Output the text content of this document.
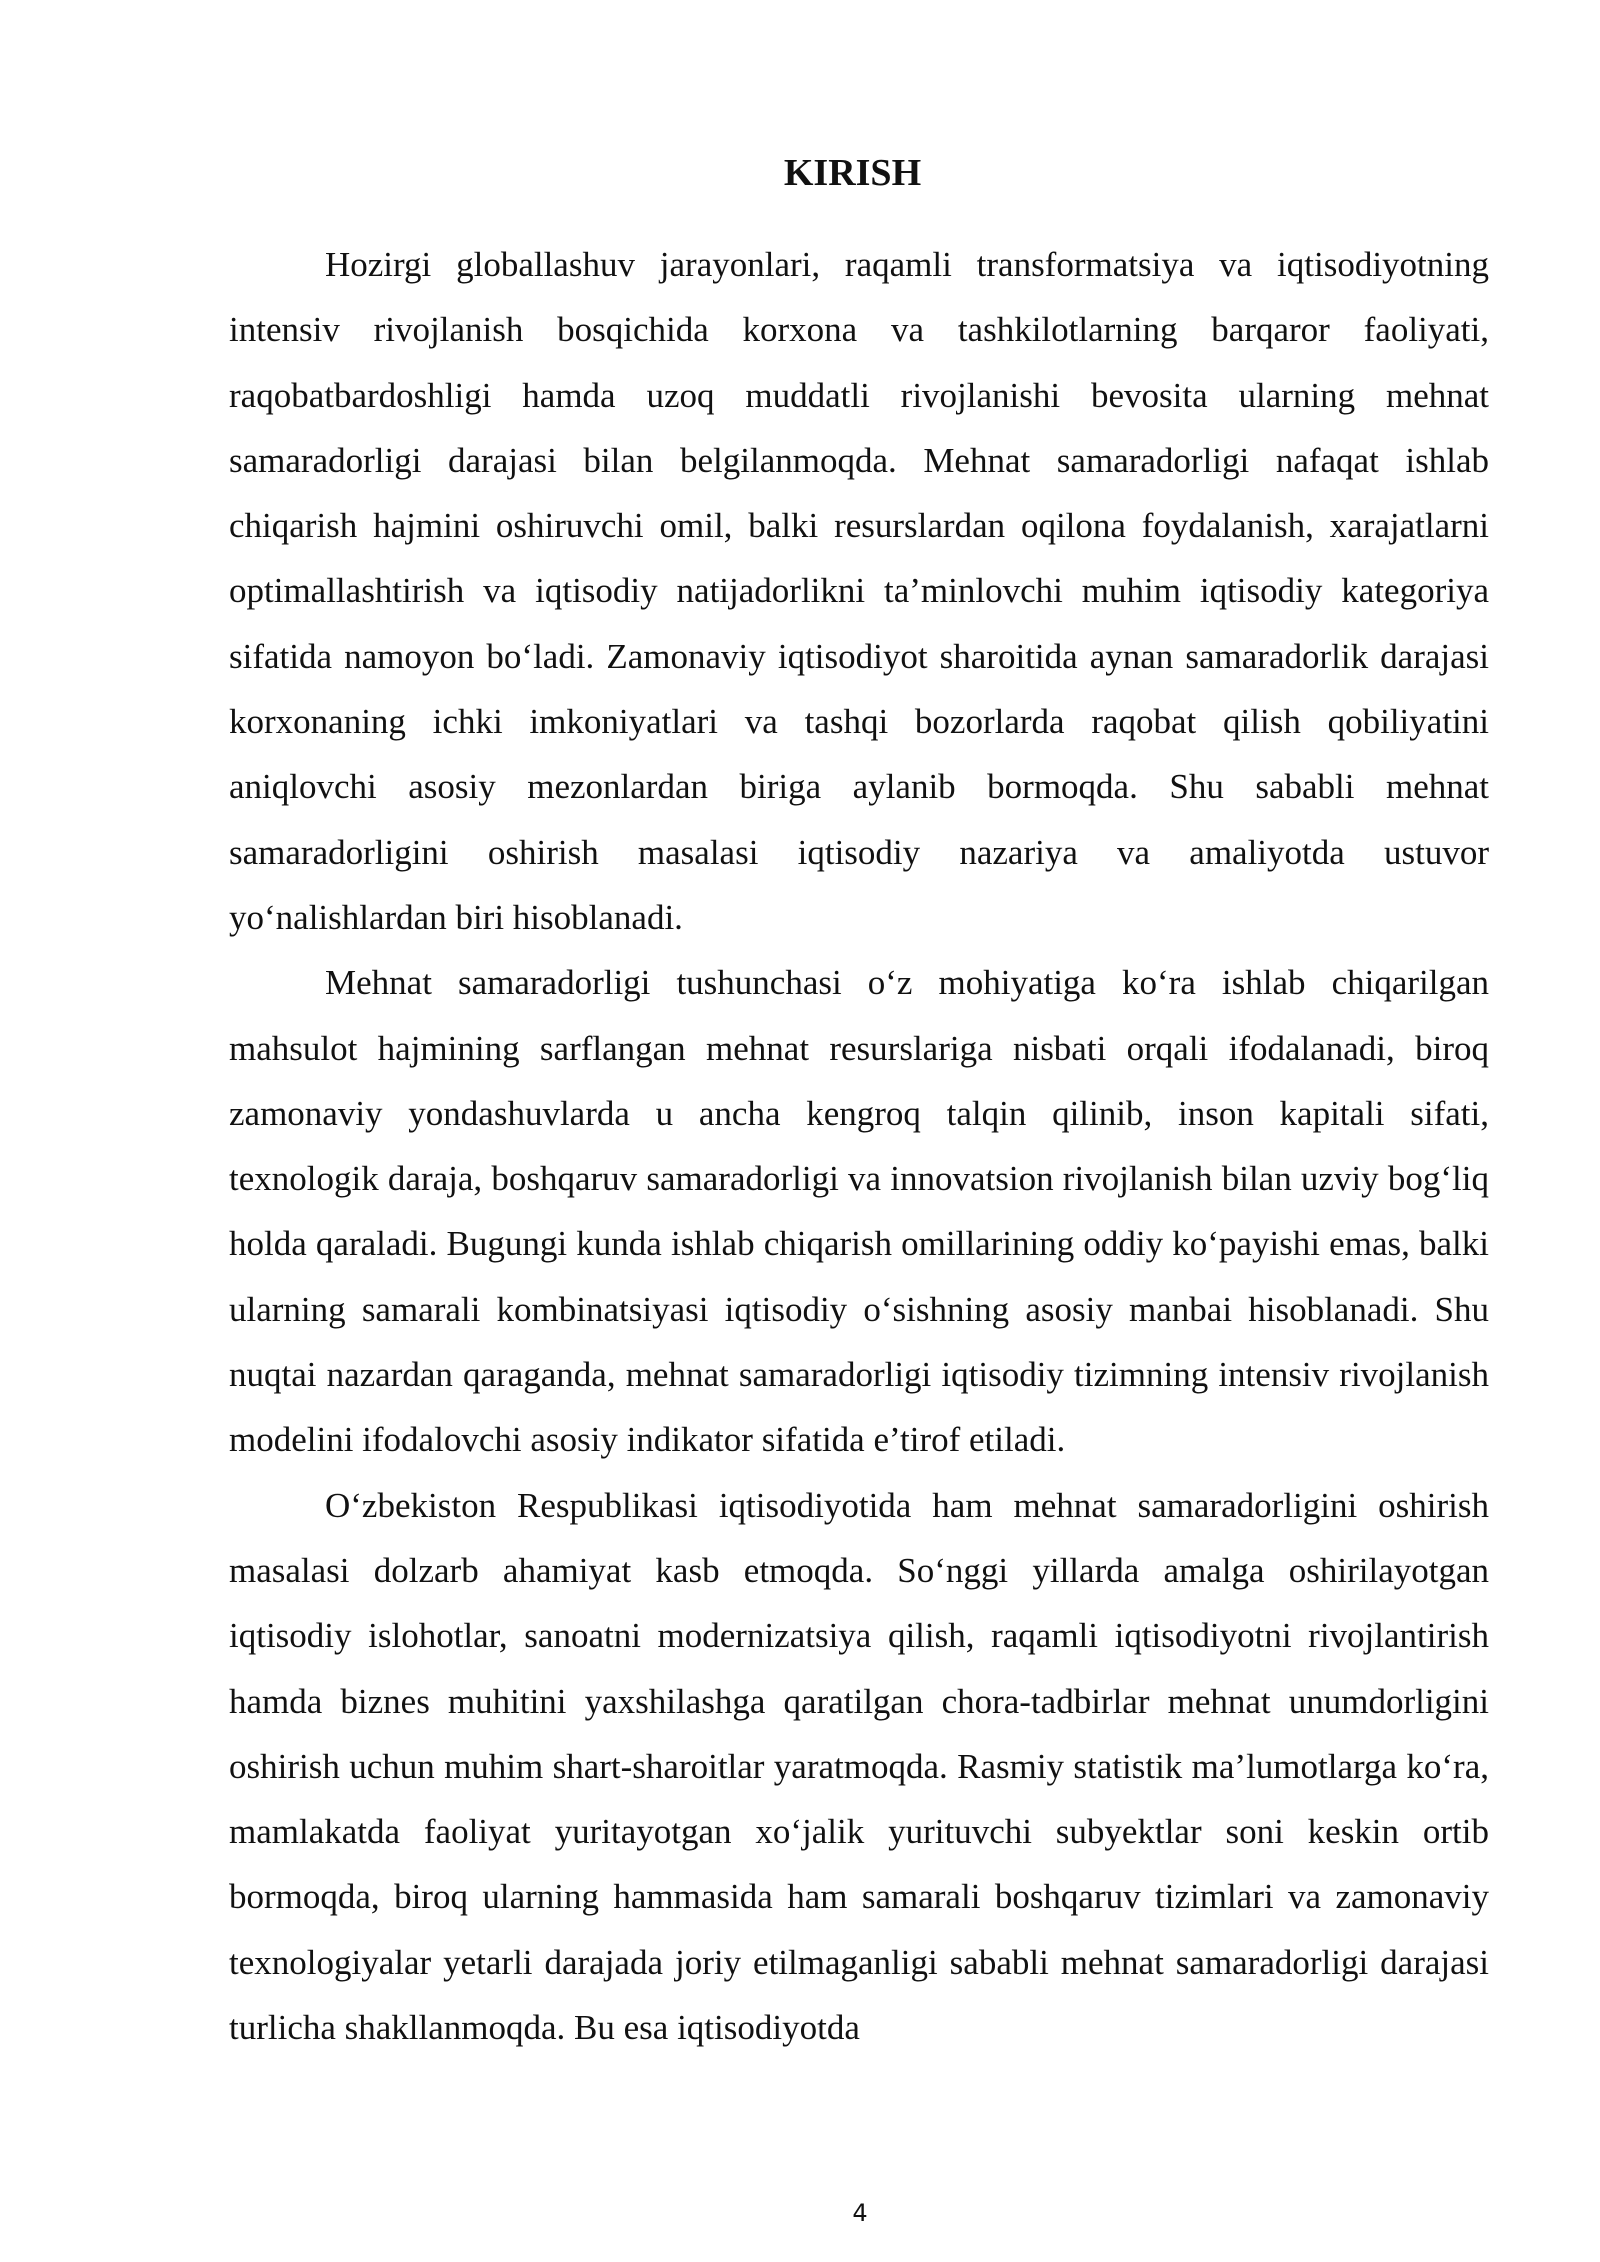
KIRISH

Hozirgi globallashuv jarayonlari, raqamli transformatsiya va iqtisodiyotning intensiv rivojlanish bosqichida korxona va tashkilotlarning barqaror faoliyati, raqobatbardoshligi hamda uzoq muddatli rivojlanishi bevosita ularning mehnat samaradorligi darajasi bilan belgilanmoqda. Mehnat samaradorligi nafaqat ishlab chiqarish hajmini oshiruvchi omil, balki resurslardan oqilona foydalanish, xarajatlarni optimallashtirish va iqtisodiy natijadorlikni ta’minlovchi muhim iqtisodiy kategoriya sifatida namoyon bo‘ladi. Zamonaviy iqtisodiyot sharoitida aynan samaradorlik darajasi korxonaning ichki imkoniyatlari va tashqi bozorlarda raqobat qilish qobiliyatini aniqlovchi asosiy mezonlardan biriga aylanib bormoqda. Shu sababli mehnat samaradorligini oshirish masalasi iqtisodiy nazariya va amaliyotda ustuvor yo‘nalishlardan biri hisoblanadi.

Mehnat samaradorligi tushunchasi o‘z mohiyatiga ko‘ra ishlab chiqarilgan mahsulot hajmining sarflangan mehnat resurslariga nisbati orqali ifodalanadi, biroq zamonaviy yondashuvlarda u ancha kengroq talqin qilinib, inson kapitali sifati, texnologik daraja, boshqaruv samaradorligi va innovatsion rivojlanish bilan uzviy bog‘liq holda qaraladi. Bugungi kunda ishlab chiqarish omillarining oddiy ko‘payishi emas, balki ularning samarali kombinatsiyasi iqtisodiy o‘sishning asosiy manbai hisoblanadi. Shu nuqtai nazardan qaraganda, mehnat samaradorligi iqtisodiy tizimning intensiv rivojlanish modelini ifodalovchi asosiy indikator sifatida e’tirof etiladi.

O‘zbekiston Respublikasi iqtisodiyotida ham mehnat samaradorligini oshirish masalasi dolzarb ahamiyat kasb etmoqda. So‘nggi yillarda amalga oshirilayotgan iqtisodiy islohotlar, sanoatni modernizatsiya qilish, raqamli iqtisodiyotni rivojlantirish hamda biznes muhitini yaxshilashga qaratilgan chora-tadbirlar mehnat unumdorligini oshirish uchun muhim shart-sharoitlar yaratmoqda. Rasmiy statistik ma’lumotlarga ko‘ra, mamlakatda faoliyat yuritayotgan xo‘jalik yurituvchi subyektlar soni keskin ortib bormoqda, biroq ularning hammasida ham samarali boshqaruv tizimlari va zamonaviy texnologiyalar yetarli darajada joriy etilmaganligi sababli mehnat samaradorligi darajasi turlicha shakllanmoqda. Bu esa iqtisodiyotda

4
